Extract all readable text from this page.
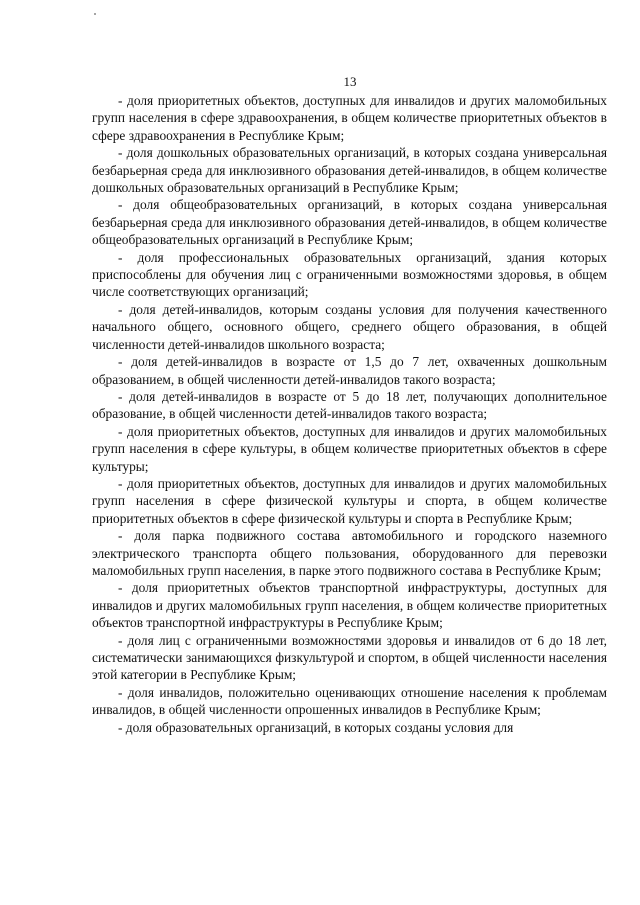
13

- доля приоритетных объектов, доступных для инвалидов и других маломобильных групп населения в сфере здравоохранения, в общем количестве приоритетных объектов в сфере здравоохранения в Республике Крым;

- доля дошкольных образовательных организаций, в которых создана универсальная безбарьерная среда для инклюзивного образования детей-инвалидов, в общем количестве дошкольных образовательных организаций в Республике Крым;

- доля общеобразовательных организаций, в которых создана универсальная безбарьерная среда для инклюзивного образования детей-инвалидов, в общем количестве общеобразовательных организаций в Республике Крым;

- доля профессиональных образовательных организаций, здания которых приспособлены для обучения лиц с ограниченными возможностями здоровья, в общем числе соответствующих организаций;

- доля детей-инвалидов, которым созданы условия для получения качественного начального общего, основного общего, среднего общего образования, в общей численности детей-инвалидов школьного возраста;

- доля детей-инвалидов в возрасте от 1,5 до 7 лет, охваченных дошкольным образованием, в общей численности детей-инвалидов такого возраста;

- доля детей-инвалидов в возрасте от 5 до 18 лет, получающих дополнительное образование, в общей численности детей-инвалидов такого возраста;

- доля приоритетных объектов, доступных для инвалидов и других маломобильных групп населения в сфере культуры, в общем количестве приоритетных объектов в сфере культуры;

- доля приоритетных объектов, доступных для инвалидов и других маломобильных групп населения в сфере физической культуры и спорта, в общем количестве приоритетных объектов в сфере физической культуры и спорта в Республике Крым;

- доля парка подвижного состава автомобильного и городского наземного электрического транспорта общего пользования, оборудованного для перевозки маломобильных групп населения, в парке этого подвижного состава в Республике Крым;

- доля приоритетных объектов транспортной инфраструктуры, доступных для инвалидов и других маломобильных групп населения, в общем количестве приоритетных объектов транспортной инфраструктуры в Республике Крым;

- доля лиц с ограниченными возможностями здоровья и инвалидов от 6 до 18 лет, систематически занимающихся физкультурой и спортом, в общей численности населения этой категории в Республике Крым;

- доля инвалидов, положительно оценивающих отношение населения к проблемам инвалидов, в общей численности опрошенных инвалидов в Республике Крым;

- доля образовательных организаций, в которых созданы условия для
